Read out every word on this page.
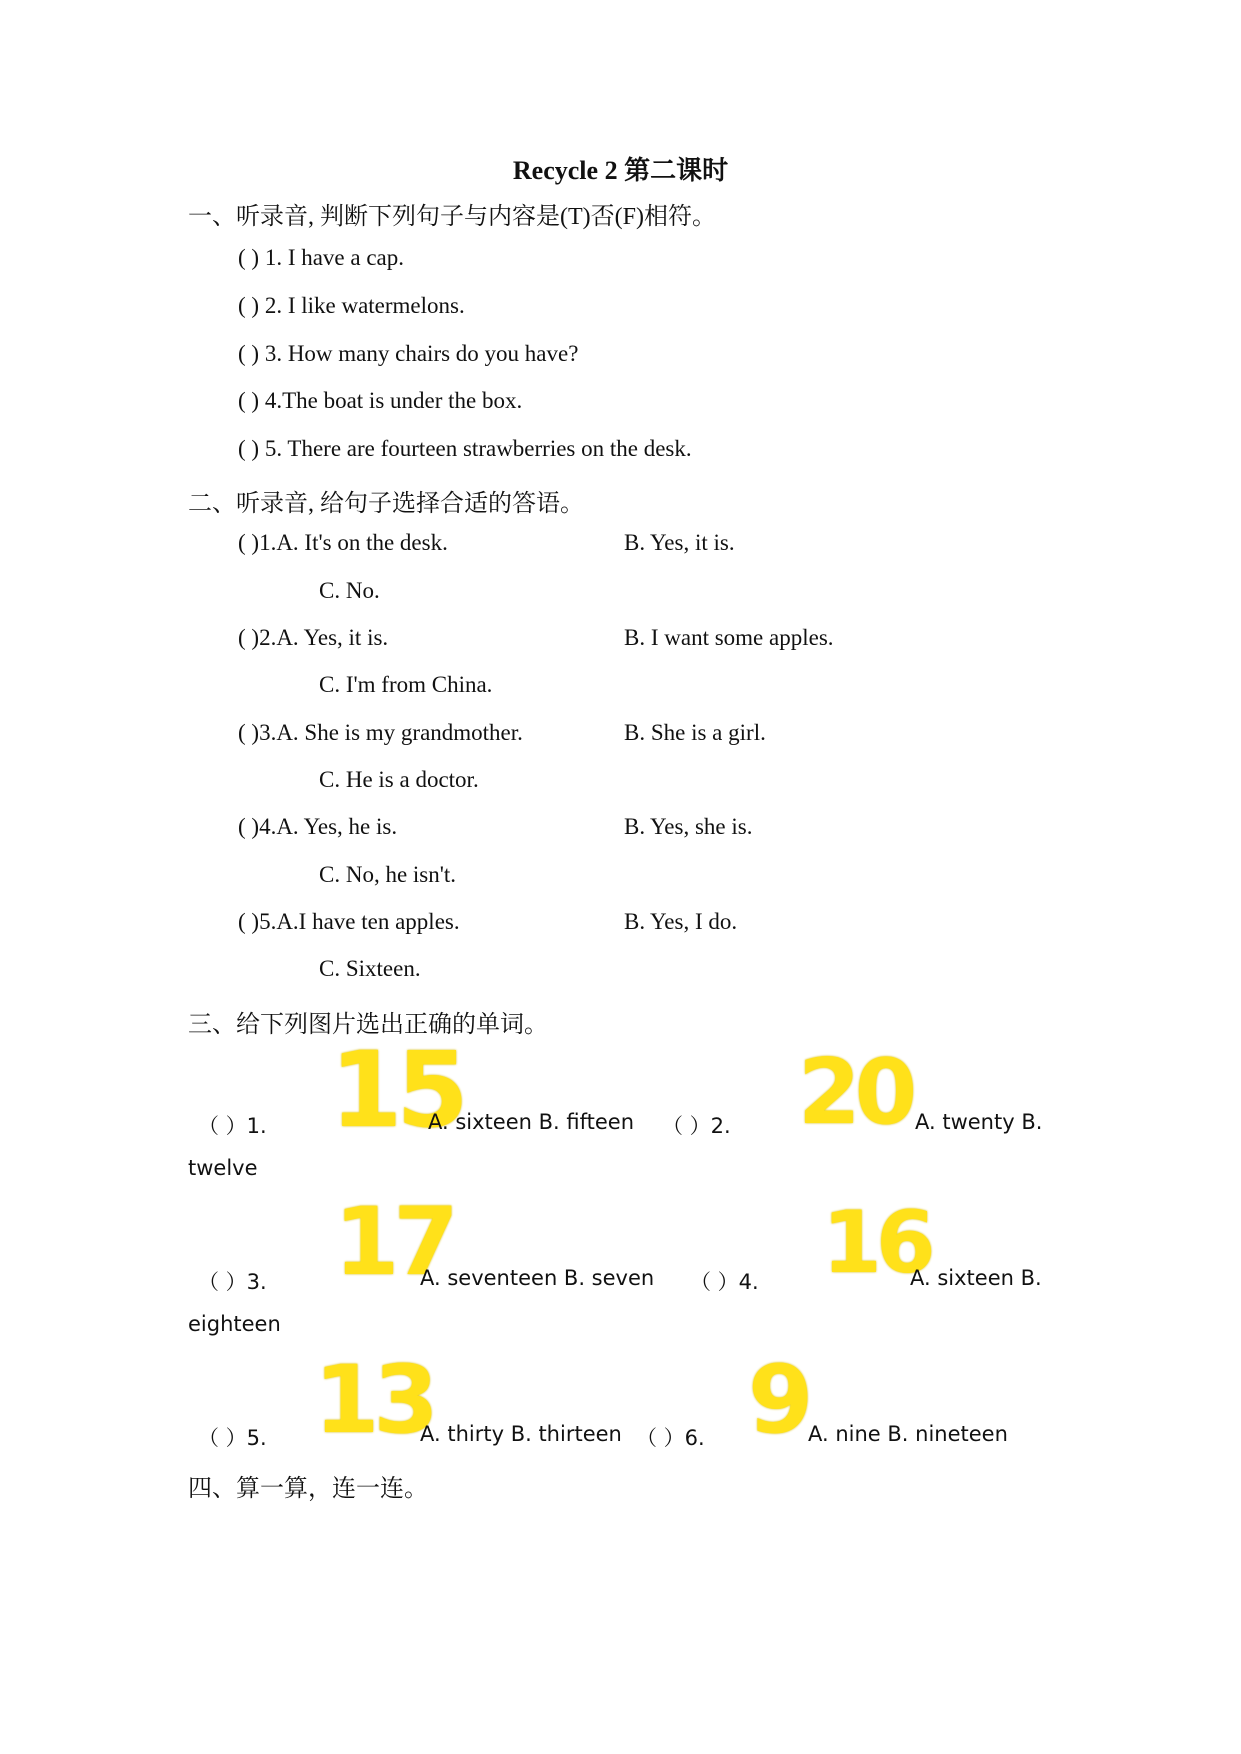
Recycle 2 第二课时
一、听录音, 判断下列句子与内容是(T)否(F)相符。
( ) 1. I have a cap.
( ) 2. I like watermelons.
( ) 3. How many chairs do you have?
( ) 4.The boat is under the box.
( ) 5. There are fourteen strawberries on the desk.
二、听录音, 给句子选择合适的答语。
( )1.A. It's on the desk.	B. Yes, it is.
C. No.
( )2.A. Yes, it is.	B. I want some apples.
C. I'm from China.
( )3.A. She is my grandmother.	B. She is a girl.
C. He is a doctor.
( )4.A. Yes, he is.	B. Yes, she is.
C. No, he isn't.
( )5.A.I have ten apples.	B. Yes, I do.
C. Sixteen.
三、给下列图片选出正确的单词。
（ ）1. 15
A. sixteen B. fifteen （ ）2. 20 A. twenty B.
twelve
（ ）3. 17
A. seventeen B. seven （ ）4. 16
A. sixteen B.
eighteen
（ ）5. 13
A. thirty B. thirteen （ ）6. 9 A. nine B. nineteen
四、算一算，连一连。
